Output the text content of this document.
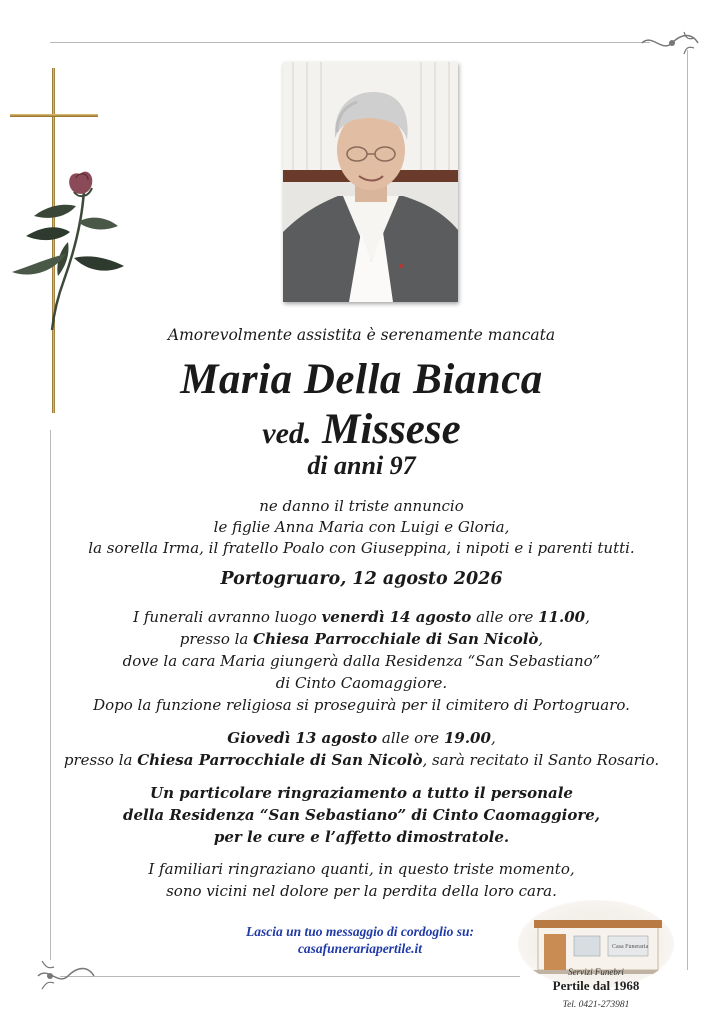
Amorevolmente assistita è serenamente mancata
Maria Della Bianca
ved. Missese
di anni 97
ne danno il triste annuncio
le figlie Anna Maria con Luigi e Gloria,
la sorella Irma, il fratello Poalo con Giuseppina, i nipoti e i parenti tutti.
Portogruaro, 12 agosto 2026
I funerali avranno luogo venerdì 14 agosto alle ore 11.00,
presso la Chiesa Parrocchiale di San Nicolò,
dove la cara Maria giungerà dalla Residenza “San Sebastiano”
di Cinto Caomaggiore.
Dopo la funzione religiosa si proseguirà per il cimitero di Portogruaro.
Giovedì 13 agosto alle ore 19.00,
presso la Chiesa Parrocchiale di San Nicolò, sarà recitato il Santo Rosario.
Un particolare ringraziamento a tutto il personale
della Residenza “San Sebastiano” di Cinto Caomaggiore,
per le cure e l’affetto dimostratole.
I familiari ringraziano quanti, in questo triste momento,
sono vicini nel dolore per la perdita della loro cara.
Lascia un tuo messaggio di cordoglio su:
casafunerariapertile.it	Casa Funeraria
Servizi Funebri
Pertile dal 1968
Tel. 0421-273981
